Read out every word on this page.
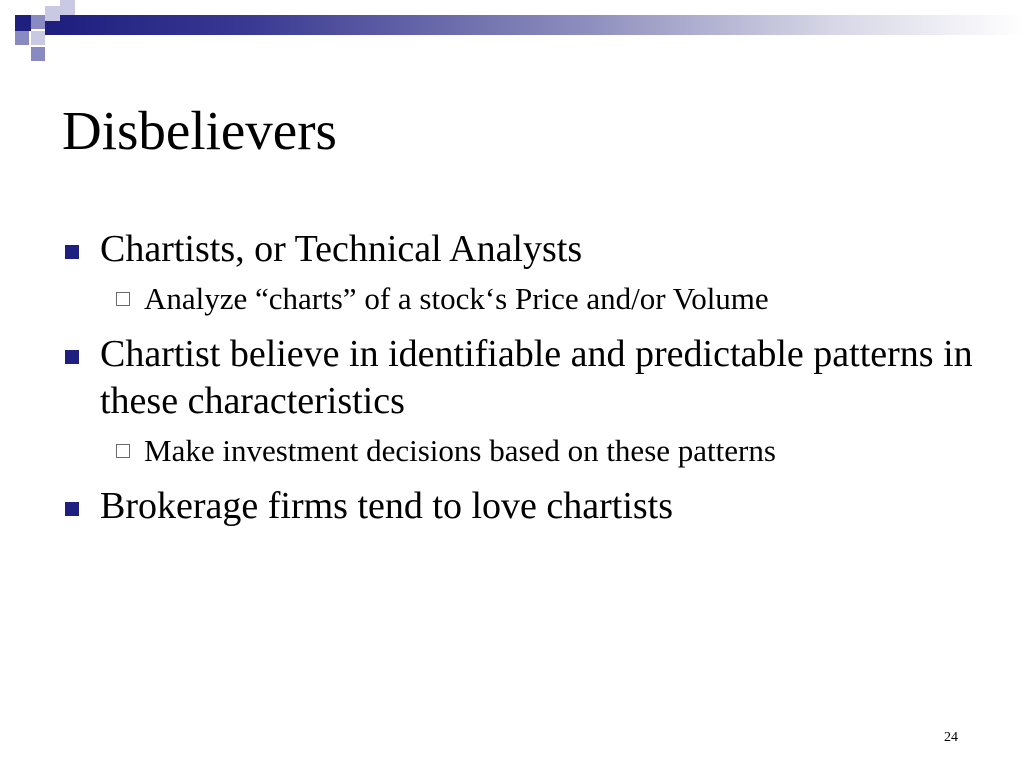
Disbelievers
Chartists, or Technical Analysts
Analyze “charts” of a stock‘s Price and/or Volume
Chartist believe in identifiable and predictable patterns in these characteristics
Make investment decisions based on these patterns
Brokerage firms tend to love chartists
24
